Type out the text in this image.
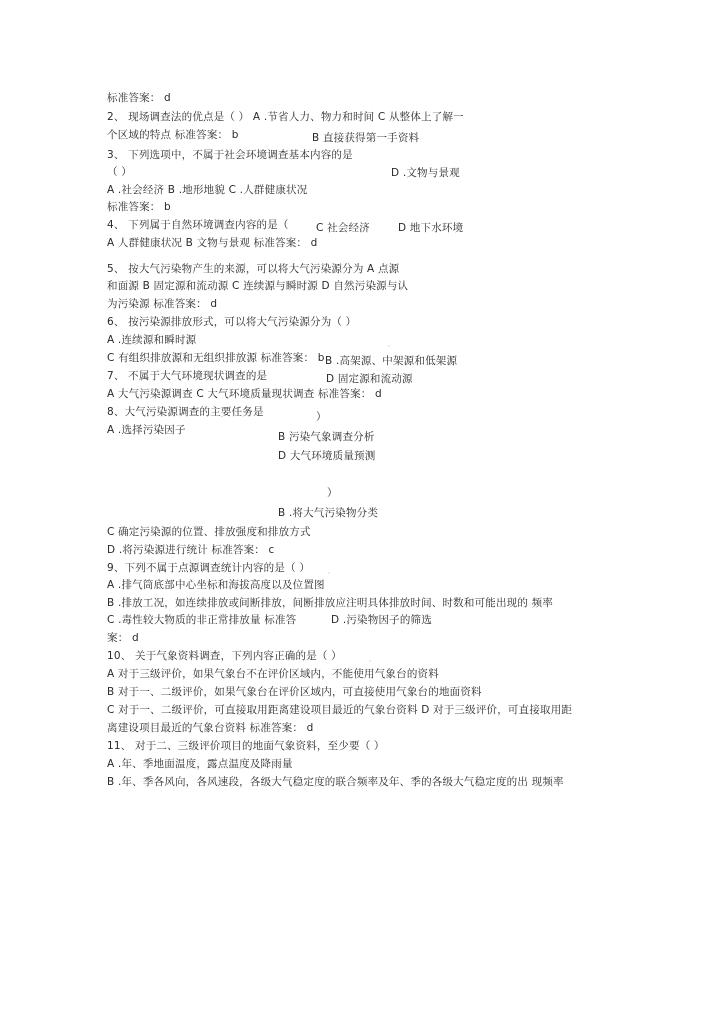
标准答案： d
2、 现场调查法的优点是（ ） A .节省人力、物力和时间 C 从整体上了解一
个区域的特点 标准答案： b	B 直接获得第一手资料
3、 下列选项中，不属于社会环境调查基本内容的是
（ ）
A .社会经济 B .地形地貌 C .人群健康状况
D .文物与景观
标准答案： b
4、 下列属于自然环境调查内容的是（	C 社会经济	D 地下水环境
A 人群健康状况 B 文物与景观 标准答案： d
5、 按大气污染物产生的来源，可以将大气污染源分为 A 点源
和面源 B 固定源和流动源 C 连续源与瞬时源 D 自然污染源与认
为污染源 标准答案： d
6、 按污染源排放形式，可以将大气污染源分为（ ）
A .连续源和瞬时源	。
C 有组织排放源和无组织排放源 标准答案： b B .高架源、中架源和低架源
7、 不属于大气环境现状调查的是	D 固定源和流动源
A 大气污染源调查 C 大气环境质量现状调查 标准答案： d
8、大气污染源调查的主要任务是	）
A .选择污染因子
B 污染气象调查分析
D 大气环境质量预测
）
B .将大气污染物分类
C 确定污染源的位置、排放强度和排放方式
D .将污染源进行统计 标准答案： c
9、下列不属于点源调查统计内容的是（ ）	。
A .排气筒底部中心坐标和海拔高度以及位置图
B .排放工况，如连续排放或间断排放，间断排放应注明具体排放时间、时数和可能出现的 频率
C .毒性较大物质的非正常排放量 标准答	D .污染物因子的筛选
案： d
10、 关于气象资料调查，下列内容正确的是（ ）	。
A 对于三级评价，如果气象台不在评价区域内，不能使用气象台的资料
B 对于一、二级评价，如果气象台在评价区域内，可直接使用气象台的地面资料
C 对于一、二级评价，可直接取用距离建设项目最近的气象台资料 D 对于三级评价，可直接取用距
离建设项目最近的气象台资料 标准答案： d
11、 对于二、三级评价项目的地面气象资料，至少要（ ）
A .年、季地面温度，露点温度及降雨量
B .年、季各风向，各风速段，各级大气稳定度的联合频率及年、季的各级大气稳定度的出 现频率
